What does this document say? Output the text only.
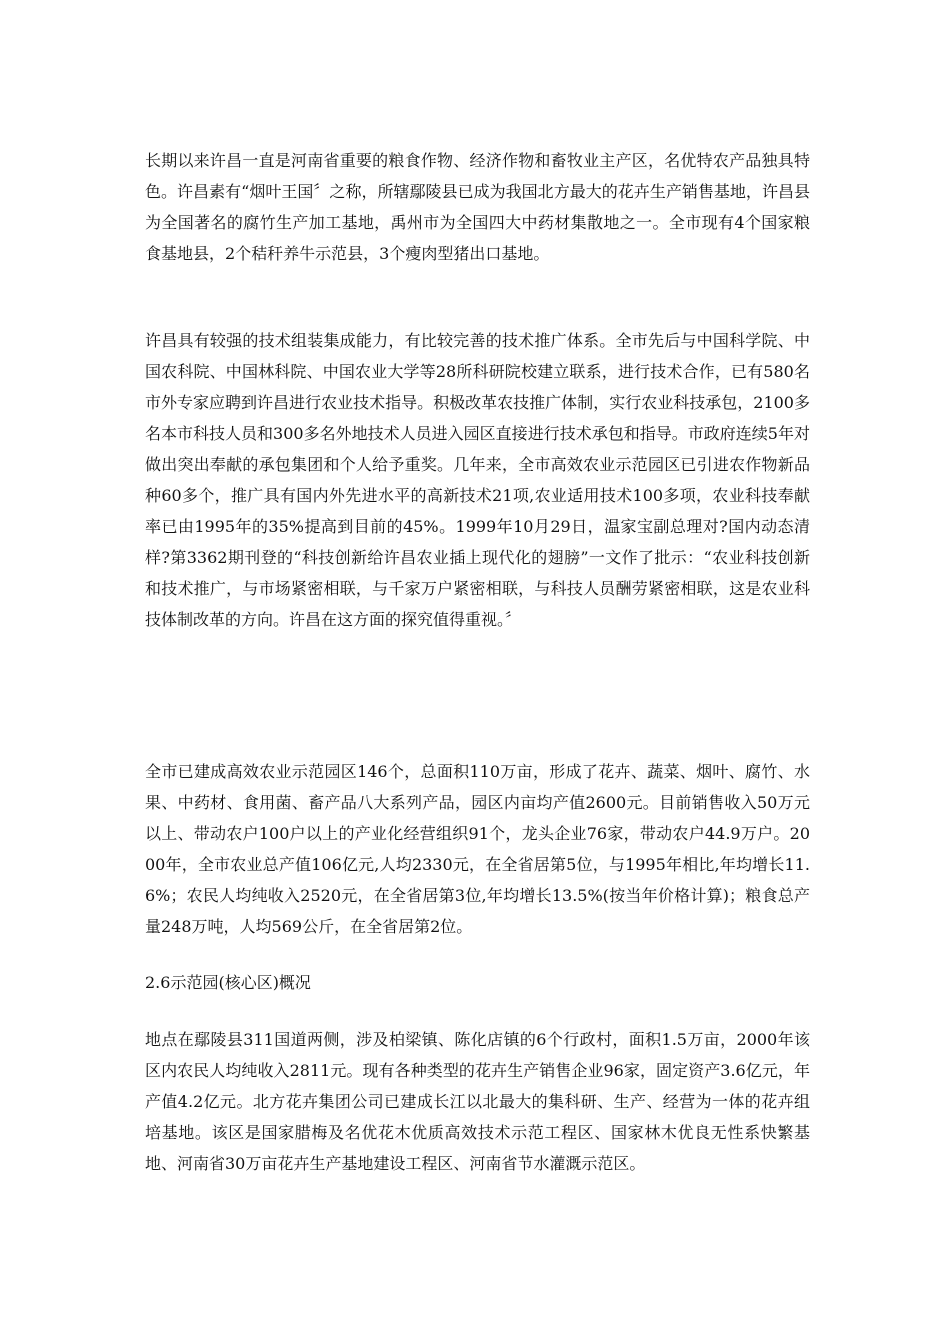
长期以来许昌一直是河南省重要的粮食作物、经济作物和畜牧业主产区，名优特农产品独具特色。许昌素有“烟叶王国〞之称，所辖鄢陵县已成为我国北方最大的花卉生产销售基地，许昌县为全国著名的腐竹生产加工基地，禹州市为全国四大中药材集散地之一。全市现有4个国家粮食基地县，2个秸秆养牛示范县，3个瘦肉型猪出口基地。

许昌具有较强的技术组装集成能力，有比较完善的技术推广体系。全市先后与中国科学院、中国农科院、中国林科院、中国农业大学等28所科研院校建立联系，进行技术合作，已有580名市外专家应聘到许昌进行农业技术指导。积极改革农技推广体制，实行农业科技承包，2100多名本市科技人员和300多名外地技术人员进入园区直接进行技术承包和指导。市政府连续5年对做出突出奉献的承包集团和个人给予重奖。几年来，全市高效农业示范园区已引进农作物新品种60多个，推广具有国内外先进水平的高新技术21项,农业适用技术100多项，农业科技奉献率已由1995年的35%提高到目前的45%。1999年10月29日，温家宝副总理对?国内动态清样?第3362期刊登的“科技创新给许昌农业插上现代化的翅膀”一文作了批示：“农业科技创新和技术推广，与市场紧密相联，与千家万户紧密相联，与科技人员酬劳紧密相联，这是农业科技体制改革的方向。许昌在这方面的探究值得重视。〞

全市已建成高效农业示范园区146个，总面积110万亩，形成了花卉、蔬菜、烟叶、腐竹、水果、中药材、食用菌、畜产品八大系列产品，园区内亩均产值2600元。目前销售收入50万元以上、带动农户100户以上的产业化经营组织91个，龙头企业76家，带动农户44.9万户。2000年，全市农业总产值106亿元,人均2330元，在全省居第5位，与1995年相比,年均增长11.6%；农民人均纯收入2520元，在全省居第3位,年均增长13.5%(按当年价格计算)；粮食总产量248万吨，人均569公斤，在全省居第2位。

2.6示范园(核心区)概况

地点在鄢陵县311国道两侧，涉及柏梁镇、陈化店镇的6个行政村，面积1.5万亩，2000年该区内农民人均纯收入2811元。现有各种类型的花卉生产销售企业96家，固定资产3.6亿元，年产值4.2亿元。北方花卉集团公司已建成长江以北最大的集科研、生产、经营为一体的花卉组培基地。该区是国家腊梅及名优花木优质高效技术示范工程区、国家林木优良无性系快繁基地、河南省30万亩花卉生产基地建设工程区、河南省节水灌溉示范区。
